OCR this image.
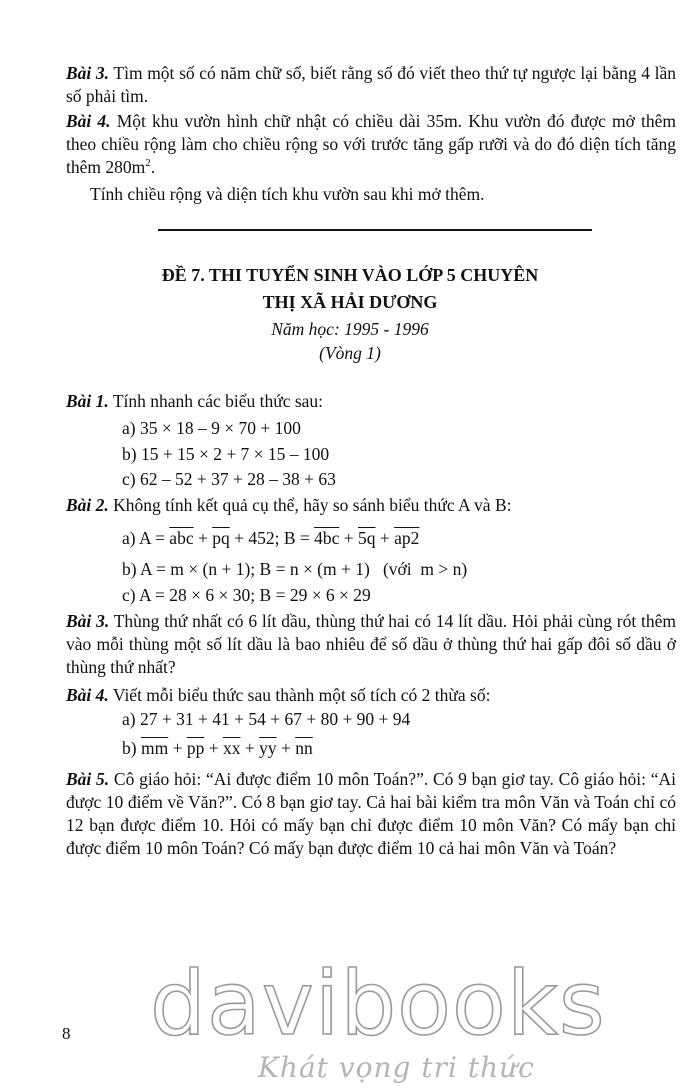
Bài 3. Tìm một số có năm chữ số, biết rằng số đó viết theo thứ tự ngược lại bằng 4 lần số phải tìm.

Bài 4. Một khu vườn hình chữ nhật có chiều dài 35m. Khu vườn đó được mở thêm theo chiều rộng làm cho chiều rộng so với trước tăng gấp rưỡi và do đó diện tích tăng thêm $280m^2$.

Tính chiều rộng và diện tích khu vườn sau khi mở thêm.

ĐỀ 7. THI TUYỂN SINH VÀO LỚP 5 CHUYÊN

THỊ XÃ HẢI DƯƠNG

Năm học: 1995 - 1996

(Vòng 1)

Bài 1. Tính nhanh các biểu thức sau:

a) 35 × 18 – 9 × 70 + 100

b) 15 + 15 × 2 + 7 × 15 – 100

c) 62 – 52 + 37 + 28 – 38 + 63

Bài 2. Không tính kết quả cụ thể, hãy so sánh biểu thức A và B:

a) $A = \overline{abc} + \overline{pq} + 452$; B = 4bc + 5q + ap2

b) A = m × (n + 1); B = n × (m + 1)   (với  m > n)

c) A = 28 × 6 × 30; B = 29 × 6 × 29

Bài 3. Thùng thứ nhất có 6 lít dầu, thùng thứ hai có 14 lít dầu. Hỏi phải cùng rót thêm vào mỗi thùng một số lít dầu là bao nhiêu để số dầu ở thùng thứ hai gấp đôi số dầu ở thùng thứ nhất?

Bài 4. Viết mỗi biểu thức sau thành một số tích có 2 thừa số:

a) 27 + 31 + 41 + 54 + 67 + 80 + 90 + 94

b) $\overline{mm} + \overline{pp} + \overline{xx} + \overline{yy} + \overline{nn}$

Bài 5. Cô giáo hỏi: “Ai được điểm 10 môn Toán?”. Có 9 bạn giơ tay. Cô giáo hỏi: “Ai được 10 điểm về Văn?”. Có 8 bạn giơ tay. Cả hai bài kiểm tra môn Văn và Toán chỉ có 12 bạn được điểm 10. Hỏi có mấy bạn chỉ được điểm 10 môn Văn? Có mấy bạn chỉ được điểm 10 môn Toán? Có mấy bạn được điểm 10 cả hai môn Văn và Toán?

davibooks
Khát vọng tri thức
8
